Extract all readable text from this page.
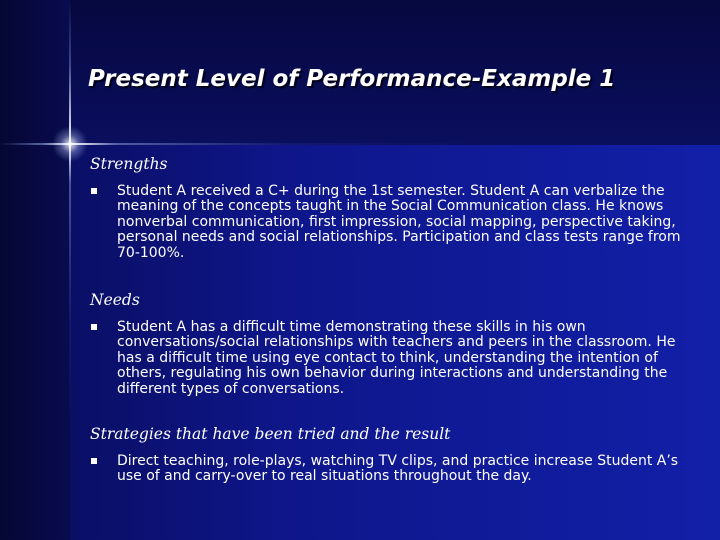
Present Level of Performance-Example 1

Strengths

Student A received a C+ during the 1st semester. Student A can verbalize the meaning of the concepts taught in the Social Communication class. He knows nonverbal communication, first impression, social mapping, perspective taking, personal needs and social relationships. Participation and class tests range from 70-100%.

Needs

Student A has a difficult time demonstrating these skills in his own conversations/social relationships with teachers and peers in the classroom. He has a difficult time using eye contact to think, understanding the intention of others, regulating his own behavior during interactions and understanding the different types of conversations.

Strategies that have been tried and the result

Direct teaching, role-plays, watching TV clips, and practice increase Student A’s use of and carry-over to real situations throughout the day.
